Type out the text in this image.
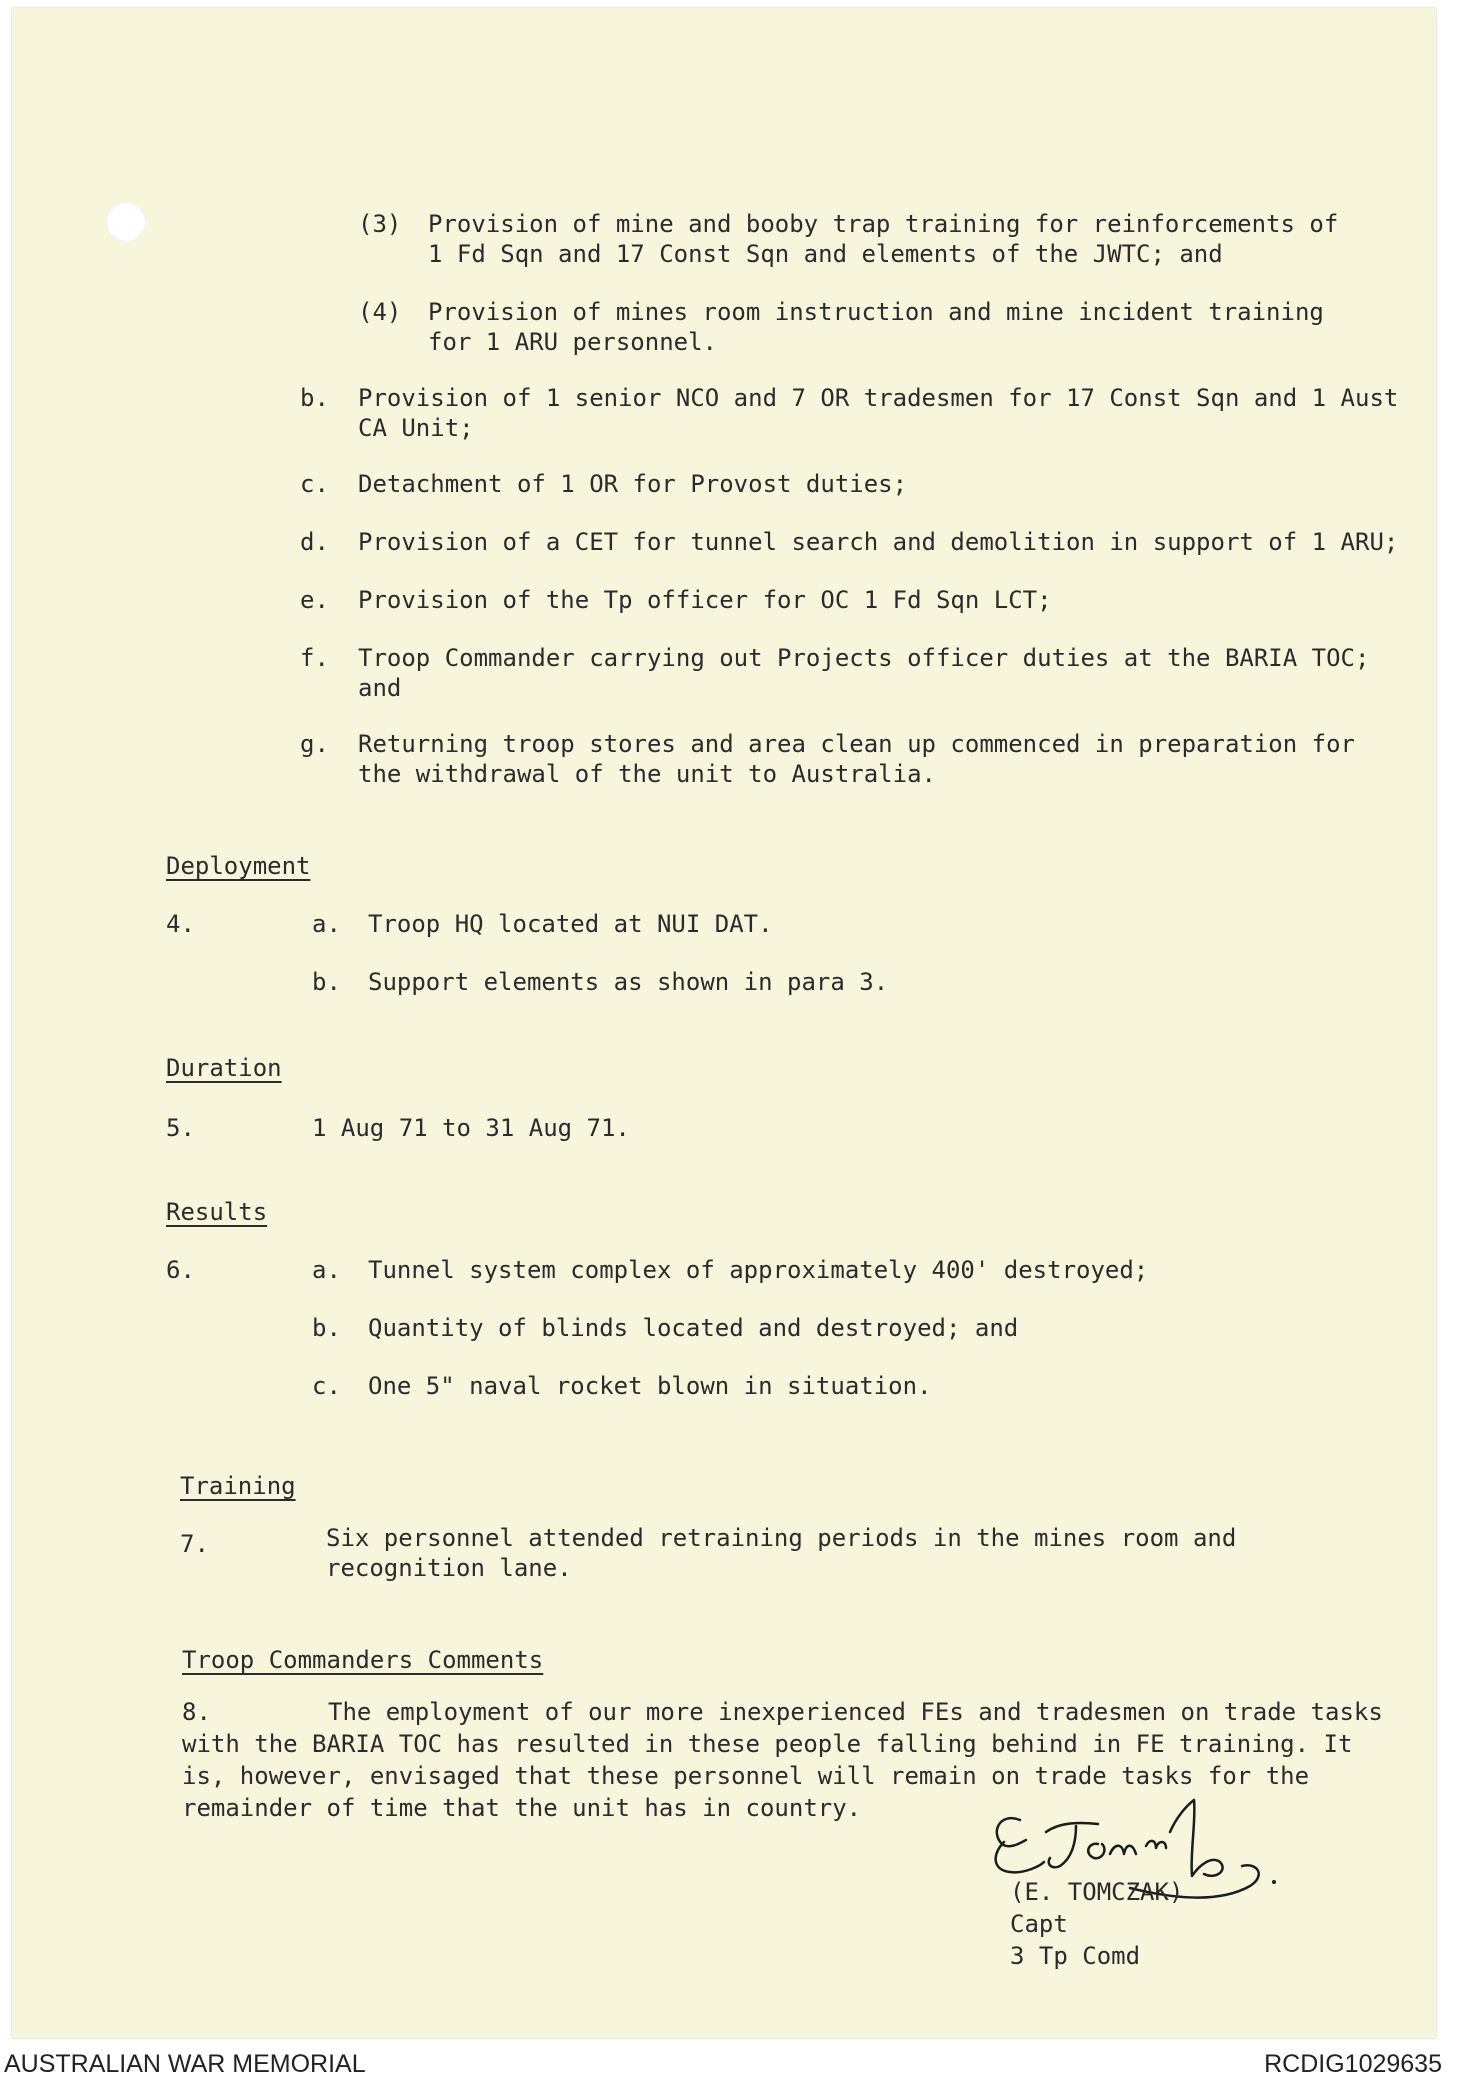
(3) Provision of mine and booby trap training for reinforcements of
1 Fd Sqn and 17 Const Sqn and elements of the JWTC; and
(4) Provision of mines room instruction and mine incident training
for 1 ARU personnel.
b. Provision of 1 senior NCO and 7 OR tradesmen for 17 Const Sqn and 1 Aust
CA Unit;
c. Detachment of 1 OR for Provost duties;
d. Provision of a CET for tunnel search and demolition in support of 1 ARU;
e. Provision of the Tp officer for OC 1 Fd Sqn LCT;
f. Troop Commander carrying out Projects officer duties at the BARIA TOC;
and
g. Returning troop stores and area clean up commenced in preparation for
the withdrawal of the unit to Australia.
Deployment
4.	a. Troop HQ located at NUI DAT.
b. Support elements as shown in para 3.
Duration
5.	1 Aug 71 to 31 Aug 71.
Results
6.	a. Tunnel system complex of approximately 400' destroyed;
b. Quantity of blinds located and destroyed; and
c. One 5" naval rocket blown in situation.
Training
7.	Six personnel attended retraining periods in the mines room and
recognition lane.
Troop Commanders Comments
8.	The employment of our more inexperienced FEs and tradesmen on trade tasks
with the BARIA TOC has resulted in these people falling behind in FE training. It
is, however, envisaged that these personnel will remain on trade tasks for the
remainder of time that the unit has in country.
(E. TOMCZAK)
Capt
3 Tp Comd
AUSTRALIAN WAR MEMORIAL	RCDIG1029635
